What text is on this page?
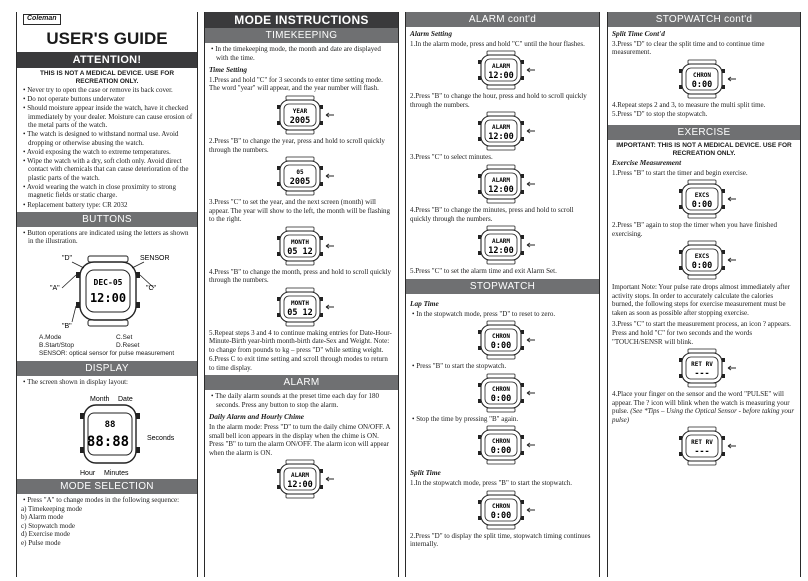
Coleman
USER'S GUIDE
ATTENTION!
THIS IS NOT A MEDICAL DEVICE. USE FOR RECREATION ONLY.
• Never try to open the case or remove its back cover.
• Do not operate buttons underwater
• Should moisture appear inside the watch, have it checked immediately by your dealer. Moisture can cause erosion of the metal parts of the watch.
• The watch is designed to withstand normal use. Avoid dropping or otherwise abusing the watch.
• Avoid exposing the watch to extreme temperatures.
• Wipe the watch with a dry, soft cloth only. Avoid direct contact with chemicals that can cause deterioration of the plastic parts of the watch.
• Avoid wearing the watch in close proximity to strong magnetic fields or static charge.
• Replacement battery type: CR 2032
BUTTONS
• Button operations are indicated using the letters as shown in the illustration.
"D"	SENSOR
"A"	"C"
"B"
DEC-05
12:00
A.Mode	C.Set
B.Start/Stop	D.Reset
SENSOR: optical sensor for pulse measurement
DISPLAY
• The screen shown in display layout:
Month Date
88
88:88	Seconds
Hour Minutes
MODE SELECTION
• Press "A" to change modes in the following sequence:
a) Timekeeping mode
b) Alarm mode
c) Stopwatch mode
d) Exercise mode
e) Pulse mode
MODE INSTRUCTIONS
TIMEKEEPING
• In the timekeeping mode, the month and date are displayed with the time.
Time Setting

1.Press and hold "C" for 3 seconds to enter time setting mode. The word "year" will appear, and the year number will flash.

YEAR
2005

2.Press "B" to change the year, press and hold to scroll quickly through the numbers.

05
2005

3.Press "C" to set the year, and the next screen (month) will appear. The year will show to the left, the month will be flashing to the right.

MONTH
05 12

4.Press "B" to change the month, press and hold to scroll quickly through the numbers.

MONTH
05 12

5.Repeat steps 3 and 4 to continue making entries for Date-Hour-Minute-Birth year-birth month-birth date-Sex and Weight. Note: to change from pounds to kg – press "D" while setting weight.

6.Press C to exit time setting and scroll through modes to return to time display.

ALARM
• The daily alarm sounds at the preset time each day for 180 seconds. Press any button to stop the alarm.
Daily Alarm and Hourly Chime

In the alarm mode: Press "D" to turn the daily chime ON/OFF. A small bell icon appears in the display when the chime is ON. Press "B" to turn the alarm ON/OFF. The alarm icon will appear when the alarm is ON.

ALARM
12:00
ALARM cont'd
Alarm Setting

1.In the alarm mode, press and hold "C" until the hour flashes.

ALARM
12:00

2.Press "B" to change the hour, press and hold to scroll quickly through the numbers.

ALARM
12:00

3.Press "C" to select minutes.

ALARM
12:00

4.Press "B" to change the minutes, press and hold to scroll quickly through the numbers.

ALARM
12:00

5.Press "C" to set the alarm time and exit Alarm Set.

STOPWATCH
Lap Time
• In the stopwatch mode, press "D" to reset to zero.
CHRON
0:00
• Press "B" to start the stopwatch.
CHRON
0:00
• Stop the time by pressing "B" again.
CHRON
0:00
Split Time

1.In the stopwatch mode, press "B" to start the stopwatch.

CHRON
0:00

2.Press "D" to display the split time, stopwatch timing continues internally.

STOPWATCH cont'd
Split Time Cont'd

3.Press "D" to clear the split time and to continue time measurement.

CHRON
0:00

4.Repeat steps 2 and 3, to measure the multi split time.

5.Press "D" to stop the stopwatch.

EXERCISE
IMPORTANT: THIS IS NOT A MEDICAL DEVICE. USE FOR RECREATION ONLY.
Exercise Measurement

1.Press "B" to start the timer and begin exercise.

EXCS
0:00

2.Press "B" again to stop the timer when you have finished exercising.

EXCS
0:00

Important Note: Your pulse rate drops almost immediately after activity stops. In order to accurately calculate the calories burned, the following steps for exercise measurement must be taken as soon as possible after stopping exercise.

3.Press "C" to start the measurement process, an icon ? appears. Press and hold "C" for two seconds and the words "TOUCH/SENSR will blink.

RET RV
---

4.Place your finger on the sensor and the word "PULSE" will appear. The ? icon will blink when the watch is measuring your pulse. (See *Tips – Using the Optical Sensor - before taking your pulse)

RET RV
---
